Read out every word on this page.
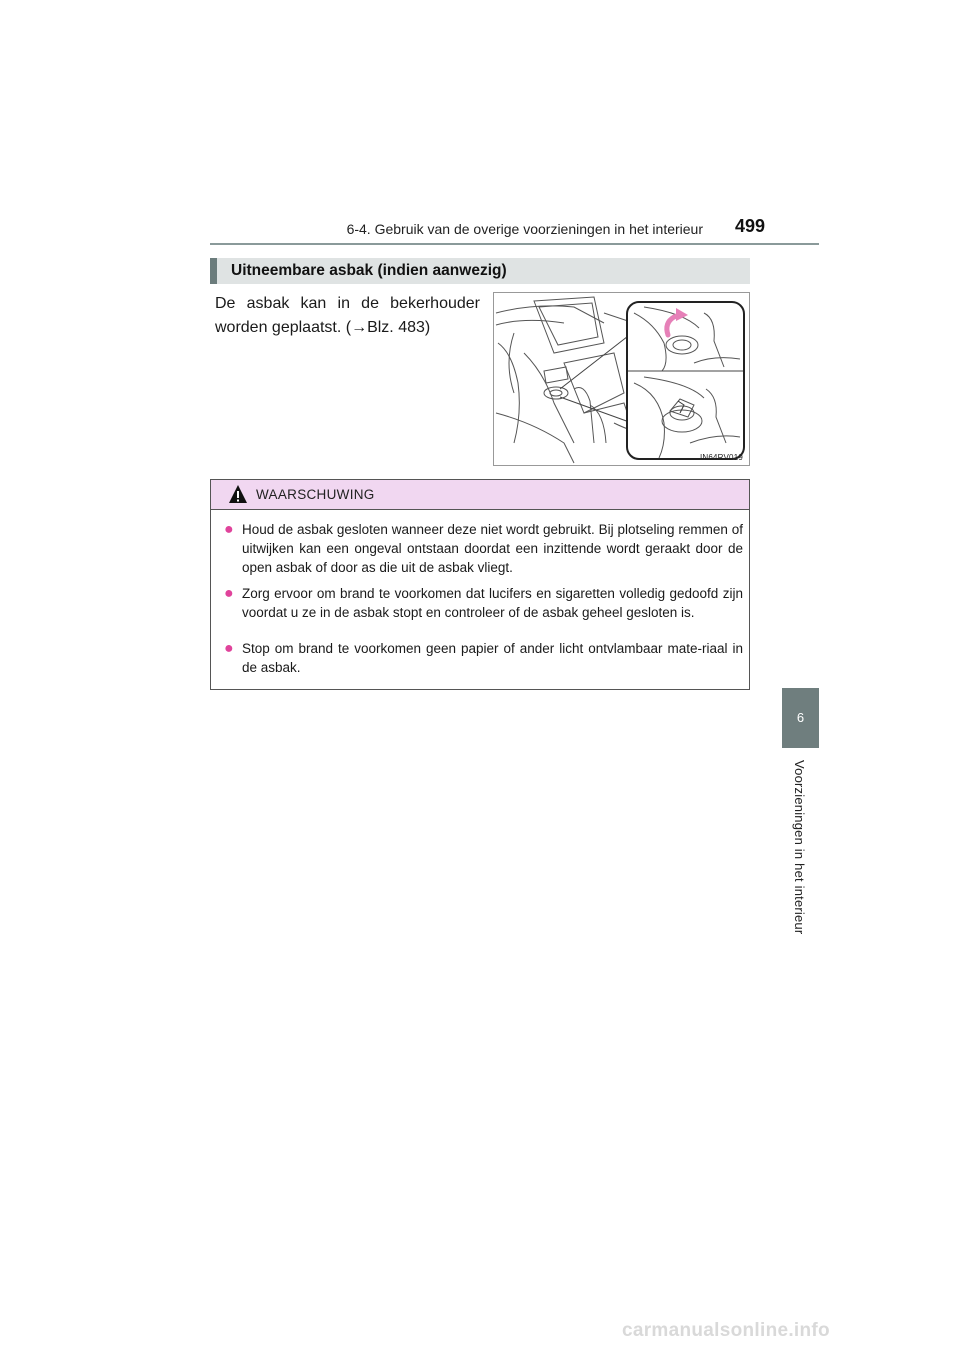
6-4. Gebruik van de overige voorzieningen in het interieur 499
Uitneembare asbak (indien aanwezig)
De asbak kan in de bekerhouder
worden geplaatst. (→Blz. 483)
IN64RV019
WAARSCHUWING
● Houd de asbak gesloten wanneer deze niet wordt gebruikt. Bij plotseling remmen of uitwijken kan een ongeval ontstaan doordat een inzittende wordt geraakt door de open asbak of door as die uit de asbak vliegt.
● Zorg ervoor om brand te voorkomen dat lucifers en sigaretten volledig gedoofd zijn voordat u ze in de asbak stopt en controleer of de asbak geheel gesloten is.
● Stop om brand te voorkomen geen papier of ander licht ontvlambaar mate-riaal in de asbak.
6
Voorzieningen in het interieur
carmanualsonline.info
